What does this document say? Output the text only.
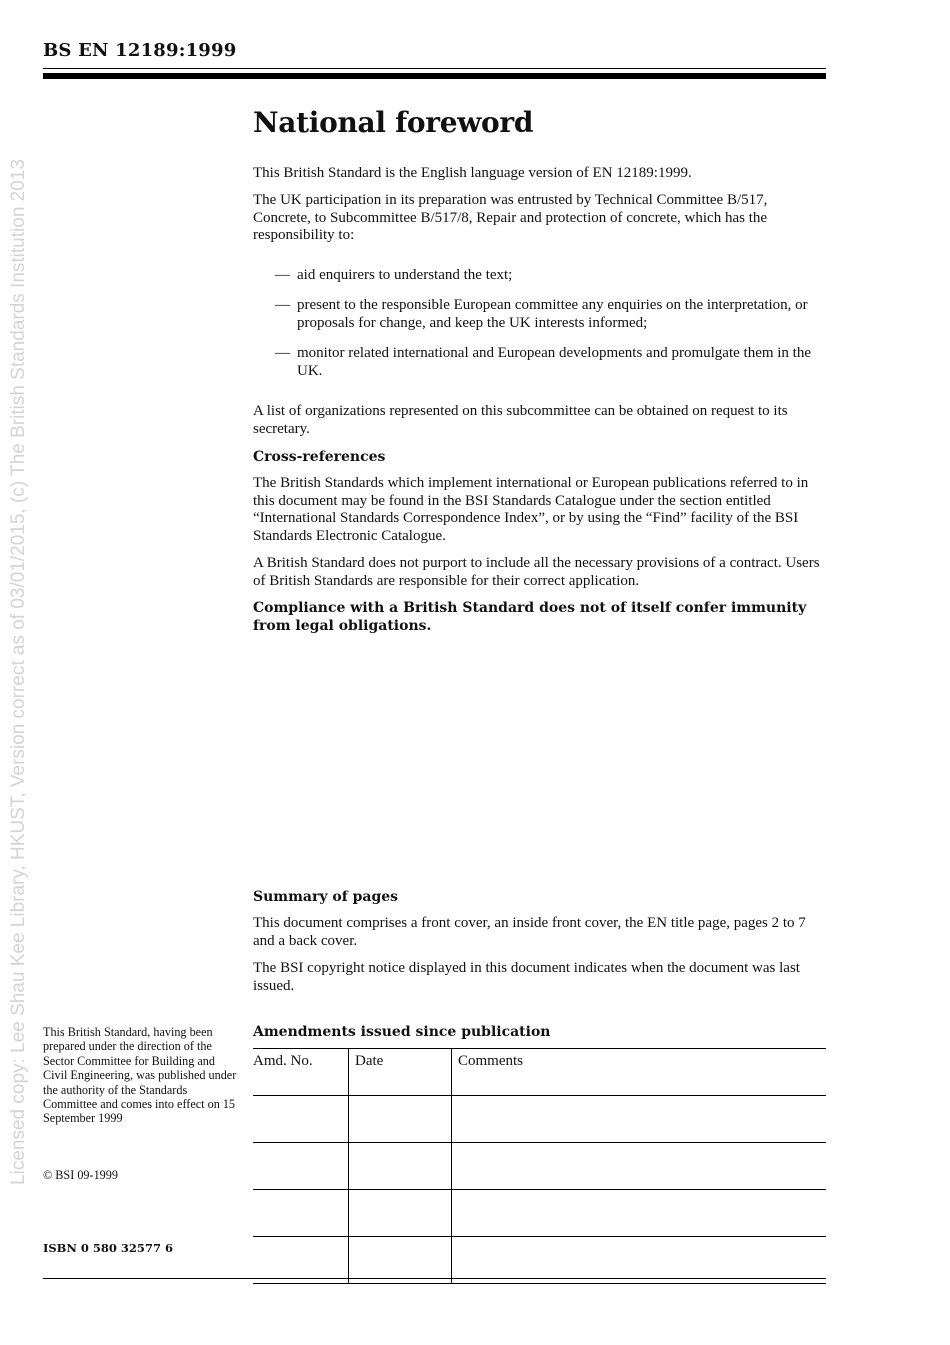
BS EN 12189:1999
Licensed copy: Lee Shau Kee Library, HKUST, Version correct as of 03/01/2015, (c) The British Standards Institution 2013
National foreword

This British Standard is the English language version of EN 12189:1999.

The UK participation in its preparation was entrusted by Technical Committee B/517, Concrete, to Subcommittee B/517/8, Repair and protection of concrete, which has the responsibility to:

— aid enquirers to understand the text;
— present to the responsible European committee any enquiries on the interpretation, or proposals for change, and keep the UK interests informed;
— monitor related international and European developments and promulgate them in the UK.

A list of organizations represented on this subcommittee can be obtained on request to its secretary.

Cross-references

The British Standards which implement international or European publications referred to in this document may be found in the BSI Standards Catalogue under the section entitled “International Standards Correspondence Index”, or by using the “Find” facility of the BSI Standards Electronic Catalogue.

A British Standard does not purport to include all the necessary provisions of a contract. Users of British Standards are responsible for their correct application.

Compliance with a British Standard does not of itself confer immunity from legal obligations.

Summary of pages

This document comprises a front cover, an inside front cover, the EN title page, pages 2 to 7 and a back cover.

The BSI copyright notice displayed in this document indicates when the document was last issued.

This British Standard, having been prepared under the direction of the Sector Committee for Building and Civil Engineering, was published under the authority of the Standards Committee and comes into effect on 15 September 1999
© BSI 09-1999
ISBN 0 580 32577 6

Amendments issued since publication

Amd. No.	Date	Comments
